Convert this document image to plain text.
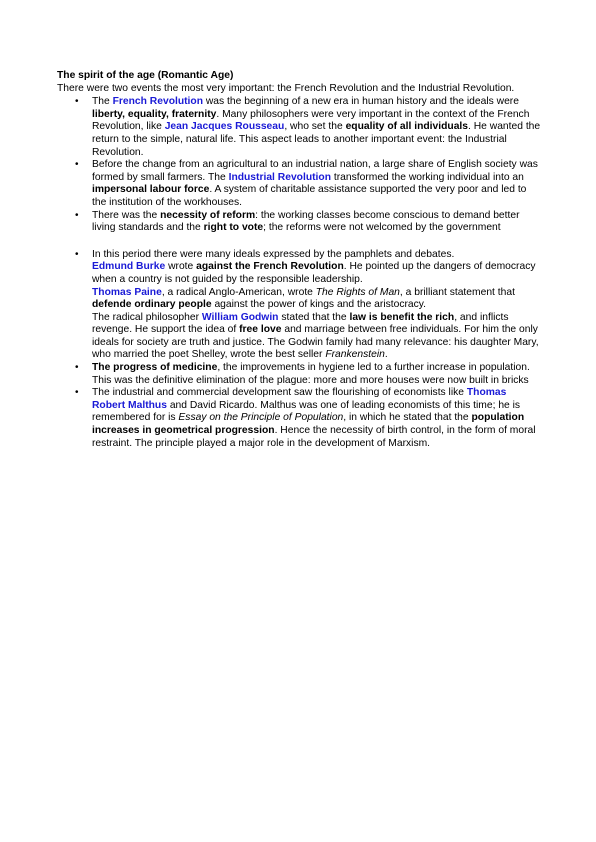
The spirit of the age (Romantic Age)

There were two events the most very important: the French Revolution and the Industrial Revolution.

• The French Revolution was the beginning of a new era in human history and the ideals were liberty, equality, fraternity. Many philosophers were very important in the context of the French Revolution, like Jean Jacques Rousseau, who set the equality of all individuals. He wanted the return to the simple, natural life. This aspect leads to another important event: the Industrial Revolution.
• Before the change from an agricultural to an industrial nation, a large share of English society was formed by small farmers. The Industrial Revolution transformed the working individual into an impersonal labour force. A system of charitable assistance supported the very poor and led to the institution of the workhouses.
• There was the necessity of reform: the working classes become conscious to demand better living standards and the right to vote; the reforms were not welcomed by the government
• In this period there were many ideals expressed by the pamphlets and debates.
Edmund Burke wrote against the French Revolution. He pointed up the dangers of democracy when a country is not guided by the responsible leadership.
Thomas Paine, a radical Anglo-American, wrote The Rights of Man, a brilliant statement that defende ordinary people against the power of kings and the aristocracy.
The radical philosopher William Godwin stated that the law is benefit the rich, and inflicts revenge. He support the idea of free love and marriage between free individuals. For him the only ideals for society are truth and justice. The Godwin family had many relevance: his daughter Mary, who married the poet Shelley, wrote the best seller Frankenstein.
• The progress of medicine, the improvements in hygiene led to a further increase in population. This was the definitive elimination of the plague: more and more houses were now built in bricks
• The industrial and commercial development saw the flourishing of economists like Thomas Robert Malthus and David Ricardo. Malthus was one of leading economists of this time; he is remembered for is Essay on the Principle of Population, in which he stated that the population increases in geometrical progression. Hence the necessity of birth control, in the form of moral restraint. The principle played a major role in the development of Marxism.
